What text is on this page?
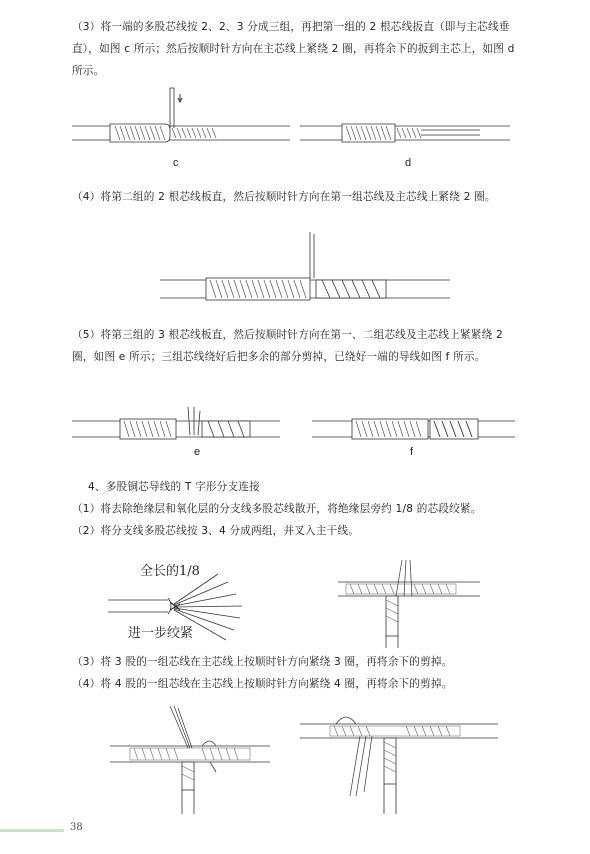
（3）将一端的多股芯线按 2、2、3 分成三组，再把第一组的 2 根芯线扳直（即与主芯线垂直），如图 c 所示；然后按顺时针方向在主芯线上紧绕 2 圈，再将余下的扳到主芯上，如图 d 所示。
c	d
（4）将第二组的 2 根芯线板直，然后按顺时针方向在第一组芯线及主芯线上紧绕 2 圈。
（5）将第三组的 3 根芯线板直，然后按顺时针方向在第一、二组芯线及主芯线上紧紧绕 2 圈，如图 e 所示；三组芯线绕好后把多余的部分剪掉，已绕好一端的导线如图 f 所示。
e	f
4、多股铜芯导线的 T 字形分支连接
（1）将去除绝缘层和氧化层的分支线多股芯线散开，将绝缘层旁约 1/8 的芯段绞紧。
（2）将分支线多股芯线按 3、4 分成两组，并叉入主干线。
全长的1/8
进一步绞紧
（3）将 3 股的一组芯线在主芯线上按顺时针方向紧绕 3 圈，再将余下的剪掉。
（4）将 4 股的一组芯线在主芯线上按顺时针方向紧绕 4 圈，再将余下的剪掉。
38
